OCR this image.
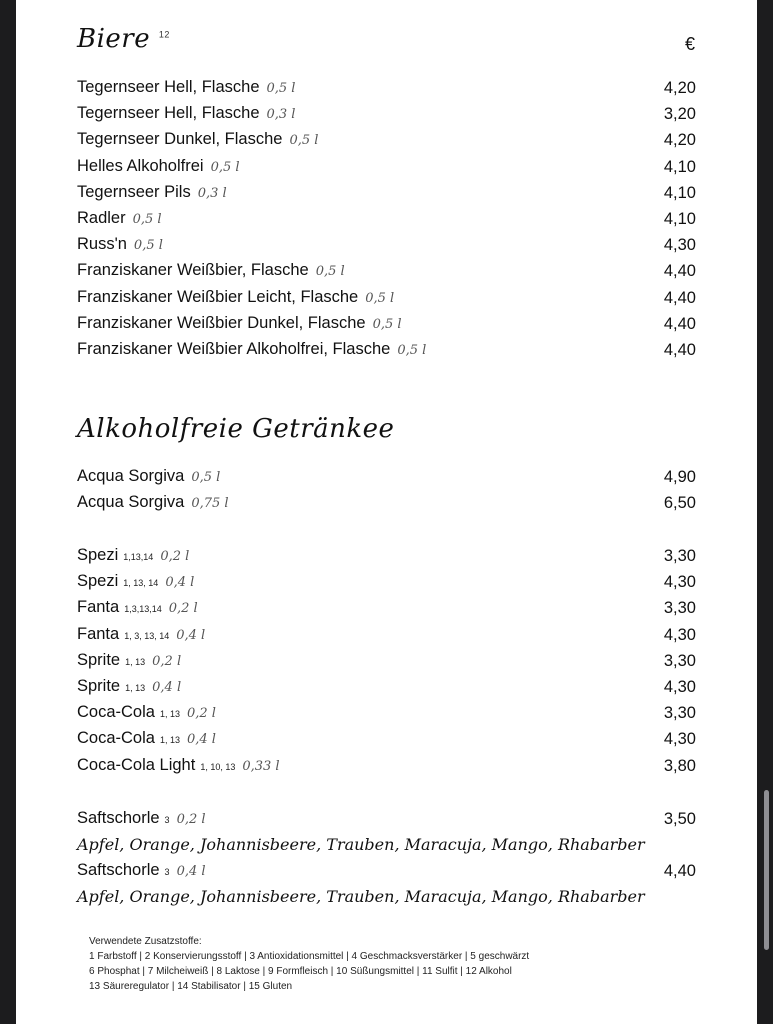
Biere $^{12}$	€
Tegernseer Hell, Flasche 0,5 l	4,20
Tegernseer Hell, Flasche 0,3 l	3,20
Tegernseer Dunkel, Flasche 0,5 l	4,20
Helles Alkoholfrei 0,5 l	4,10
Tegernseer Pils 0,3 l	4,10
Radler 0,5 l	4,10
Russ'n 0,5 l	4,30
Franziskaner Weißbier, Flasche 0,5 l	4,40
Franziskaner Weißbier Leicht, Flasche 0,5 l	4,40
Franziskaner Weißbier Dunkel, Flasche 0,5 l	4,40
Franziskaner Weißbier Alkoholfrei, Flasche 0,5 l	4,40
Alkoholfreie Getränkee
Acqua Sorgiva 0,5 l	4,90
Acqua Sorgiva 0,75 l	6,50
Spezi 1,13,14 0,2 l	3,30
Spezi 1, 13, 14 0,4 l	4,30
Fanta 1,3,13,14 0,2 l	3,30
Fanta 1, 3, 13, 14 0,4 l	4,30
Sprite 1, 13 0,2 l	3,30
Sprite 1, 13 0,4 l	4,30
Coca-Cola 1, 13 0,2 l	3,30
Coca-Cola 1, 13 0,4 l	4,30
Coca-Cola Light 1, 10, 13 0,33 l	3,80
Saftschorle 3 0,2 l	3,50
Apfel, Orange, Johannisbeere, Trauben, Maracuja, Mango, Rhabarber
Saftschorle 3 0,4 l	4,40
Apfel, Orange, Johannisbeere, Trauben, Maracuja, Mango, Rhabarber
Verwendete Zusatzstoffe:
1 Farbstoff | 2 Konservierungsstoff | 3 Antioxidationsmittel | 4 Geschmacksverstärker | 5 geschwärzt
6 Phosphat | 7 Milcheiweiß | 8 Laktose | 9 Formfleisch | 10 Süßungsmittel | 11 Sulfit | 12 Alkohol
13 Säureregulator | 14 Stabilisator | 15 Gluten
